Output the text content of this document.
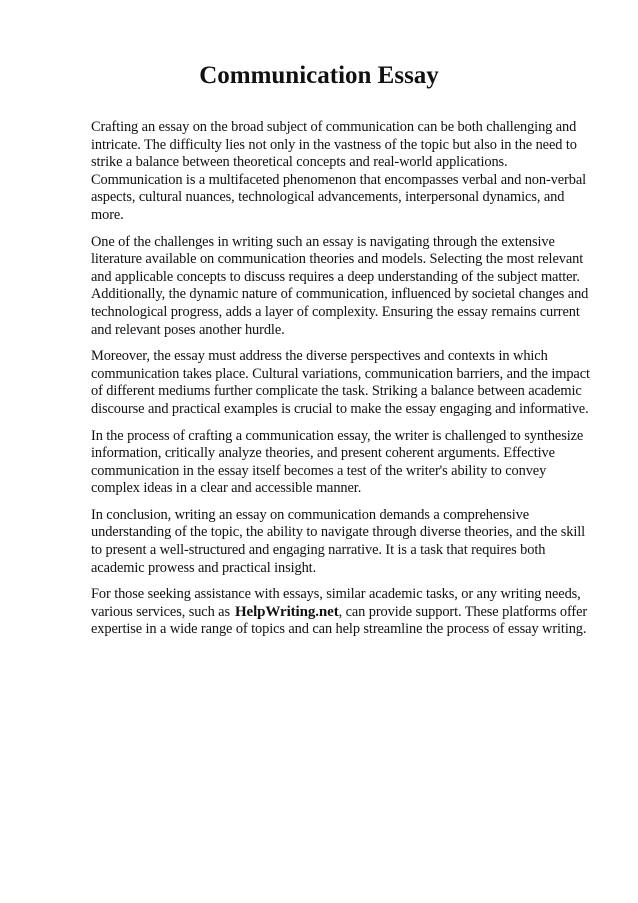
Communication Essay

Crafting an essay on the broad subject of communication can be both challenging and intricate. The difficulty lies not only in the vastness of the topic but also in the need to strike a balance between theoretical concepts and real-world applications. Communication is a multifaceted phenomenon that encompasses verbal and non-verbal aspects, cultural nuances, technological advancements, interpersonal dynamics, and more.

One of the challenges in writing such an essay is navigating through the extensive literature available on communication theories and models. Selecting the most relevant and applicable concepts to discuss requires a deep understanding of the subject matter. Additionally, the dynamic nature of communication, influenced by societal changes and technological progress, adds a layer of complexity. Ensuring the essay remains current and relevant poses another hurdle.

Moreover, the essay must address the diverse perspectives and contexts in which communication takes place. Cultural variations, communication barriers, and the impact of different mediums further complicate the task. Striking a balance between academic discourse and practical examples is crucial to make the essay engaging and informative.

In the process of crafting a communication essay, the writer is challenged to synthesize information, critically analyze theories, and present coherent arguments. Effective communication in the essay itself becomes a test of the writer's ability to convey complex ideas in a clear and accessible manner.

In conclusion, writing an essay on communication demands a comprehensive understanding of the topic, the ability to navigate through diverse theories, and the skill to present a well-structured and engaging narrative. It is a task that requires both academic prowess and practical insight.

For those seeking assistance with essays, similar academic tasks, or any writing needs, various services, such as HelpWriting.net, can provide support. These platforms offer expertise in a wide range of topics and can help streamline the process of essay writing.
